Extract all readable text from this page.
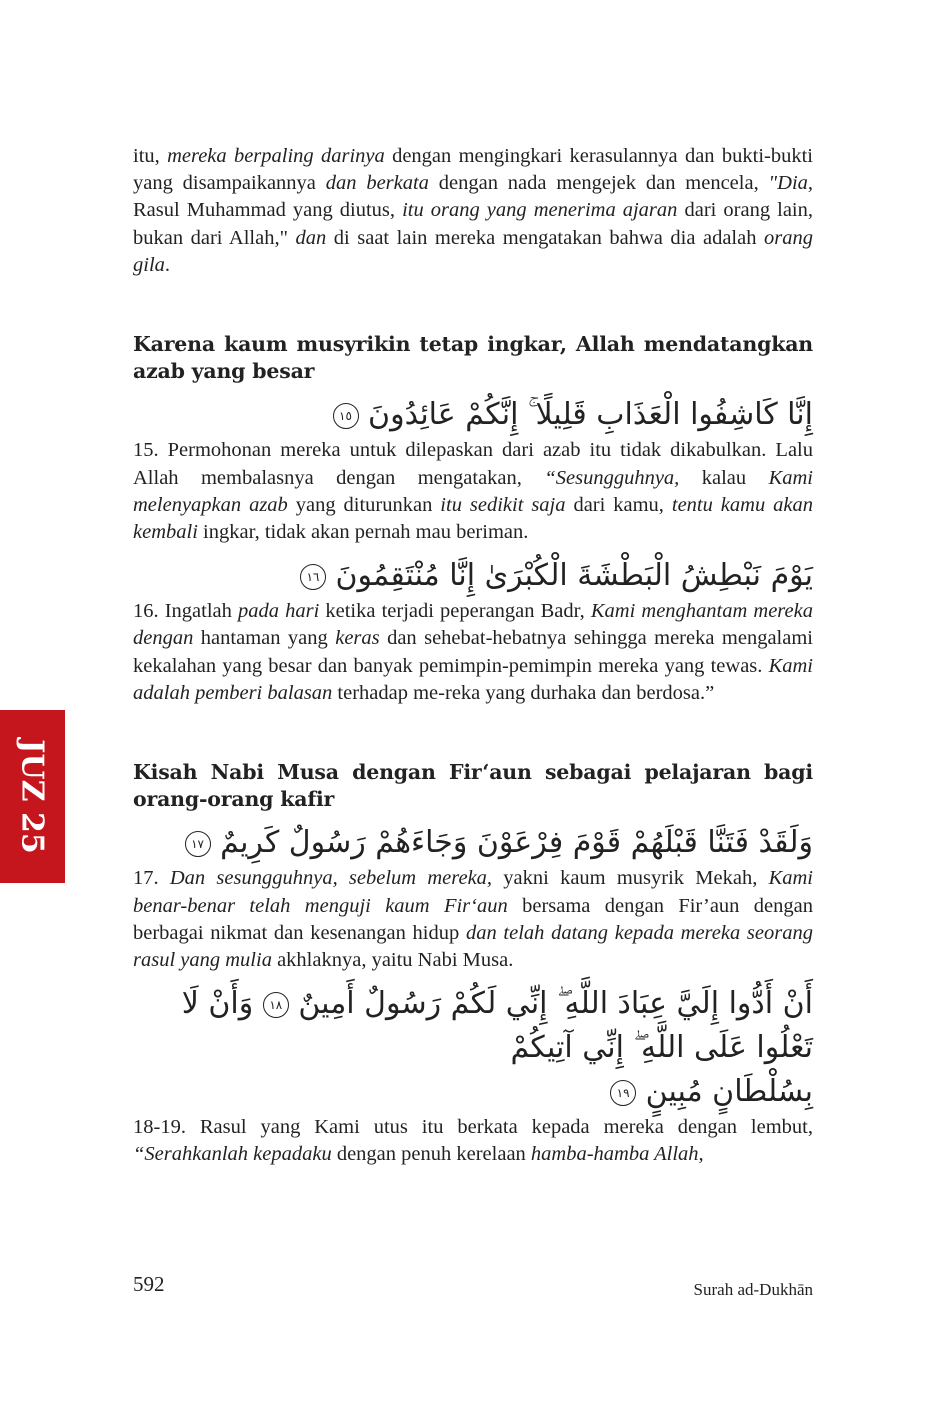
JUZ 25

itu, mereka berpaling darinya dengan mengingkari kerasulannya dan bukti-bukti yang disampaikannya dan berkata dengan nada mengejek dan mencela, "Dia, Rasul Muhammad yang diutus, itu orang yang menerima ajaran dari orang lain, bukan dari Allah," dan di saat lain mereka mengatakan bahwa dia adalah orang gila.

Karena kaum musyrikin tetap ingkar, Allah mendatangkan azab yang besar

إِنَّا كَاشِفُوا الْعَذَابِ قَلِيلًا ۚ إِنَّكُمْ عَائِدُونَ ١٥

15. Permohonan mereka untuk dilepaskan dari azab itu tidak dikabulkan. Lalu Allah membalasnya dengan mengatakan, “Sesungguhnya, kalau Kami melenyapkan azab yang diturunkan itu sedikit saja dari kamu, tentu kamu akan kembali ingkar, tidak akan pernah mau beriman.

يَوْمَ نَبْطِشُ الْبَطْشَةَ الْكُبْرَىٰ إِنَّا مُنْتَقِمُونَ ١٦

16. Ingatlah pada hari ketika terjadi peperangan Badr, Kami menghantam mereka dengan hantaman yang keras dan sehebat-hebatnya sehingga mereka mengalami kekalahan yang besar dan banyak pemimpin-pemimpin mereka yang tewas. Kami adalah pemberi balasan terhadap me-reka yang durhaka dan berdosa.”

Kisah Nabi Musa dengan Fir‘aun sebagai pelajaran bagi orang-orang kafir

وَلَقَدْ فَتَنَّا قَبْلَهُمْ قَوْمَ فِرْعَوْنَ وَجَاءَهُمْ رَسُولٌ كَرِيمٌ ١٧

17. Dan sesungguhnya, sebelum mereka, yakni kaum musyrik Mekah, Kami benar-benar telah menguji kaum Fir‘aun bersama dengan Fir’aun dengan berbagai nikmat dan kesenangan hidup dan telah datang kepada mereka seorang rasul yang mulia akhlaknya, yaitu Nabi Musa.

أَنْ أَدُّوا إِلَيَّ عِبَادَ اللَّهِ ۖ إِنِّي لَكُمْ رَسُولٌ أَمِينٌ ١٨ وَأَنْ لَا تَعْلُوا عَلَى اللَّهِ ۖ إِنِّي آتِيكُمْ
بِسُلْطَانٍ مُبِينٍ ١٩

18-19. Rasul yang Kami utus itu berkata kepada mereka dengan lembut, “Serahkanlah kepadaku dengan penuh kerelaan hamba-hamba Allah,

592	Surah ad-Dukhān
